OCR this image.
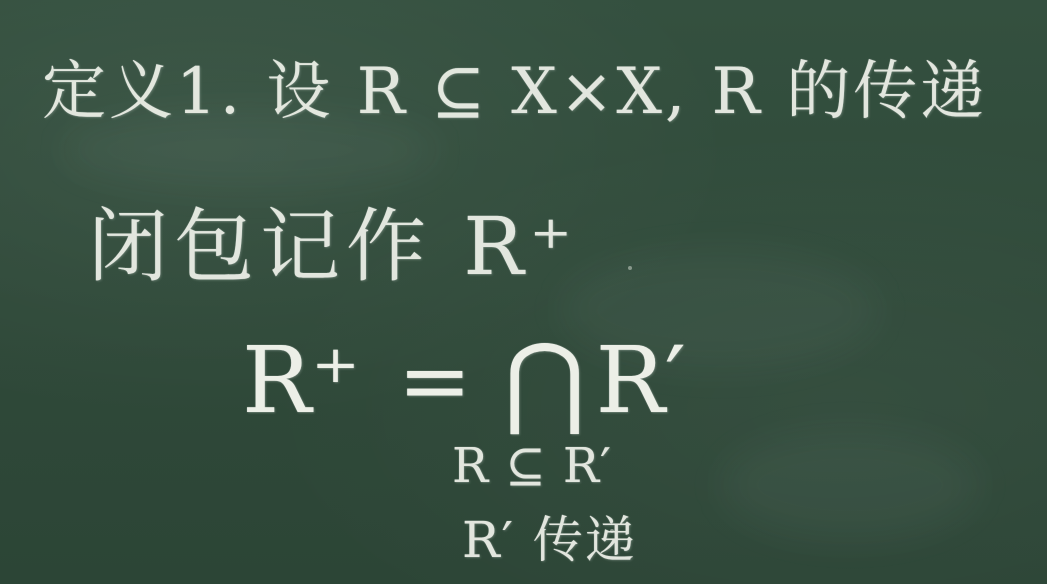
定义1. 设 R ⊆ X×X, R 的传递
闭包记作 R⁺
R⁺ = ⋂ R′
R ⊆ R′
R′ 传递
